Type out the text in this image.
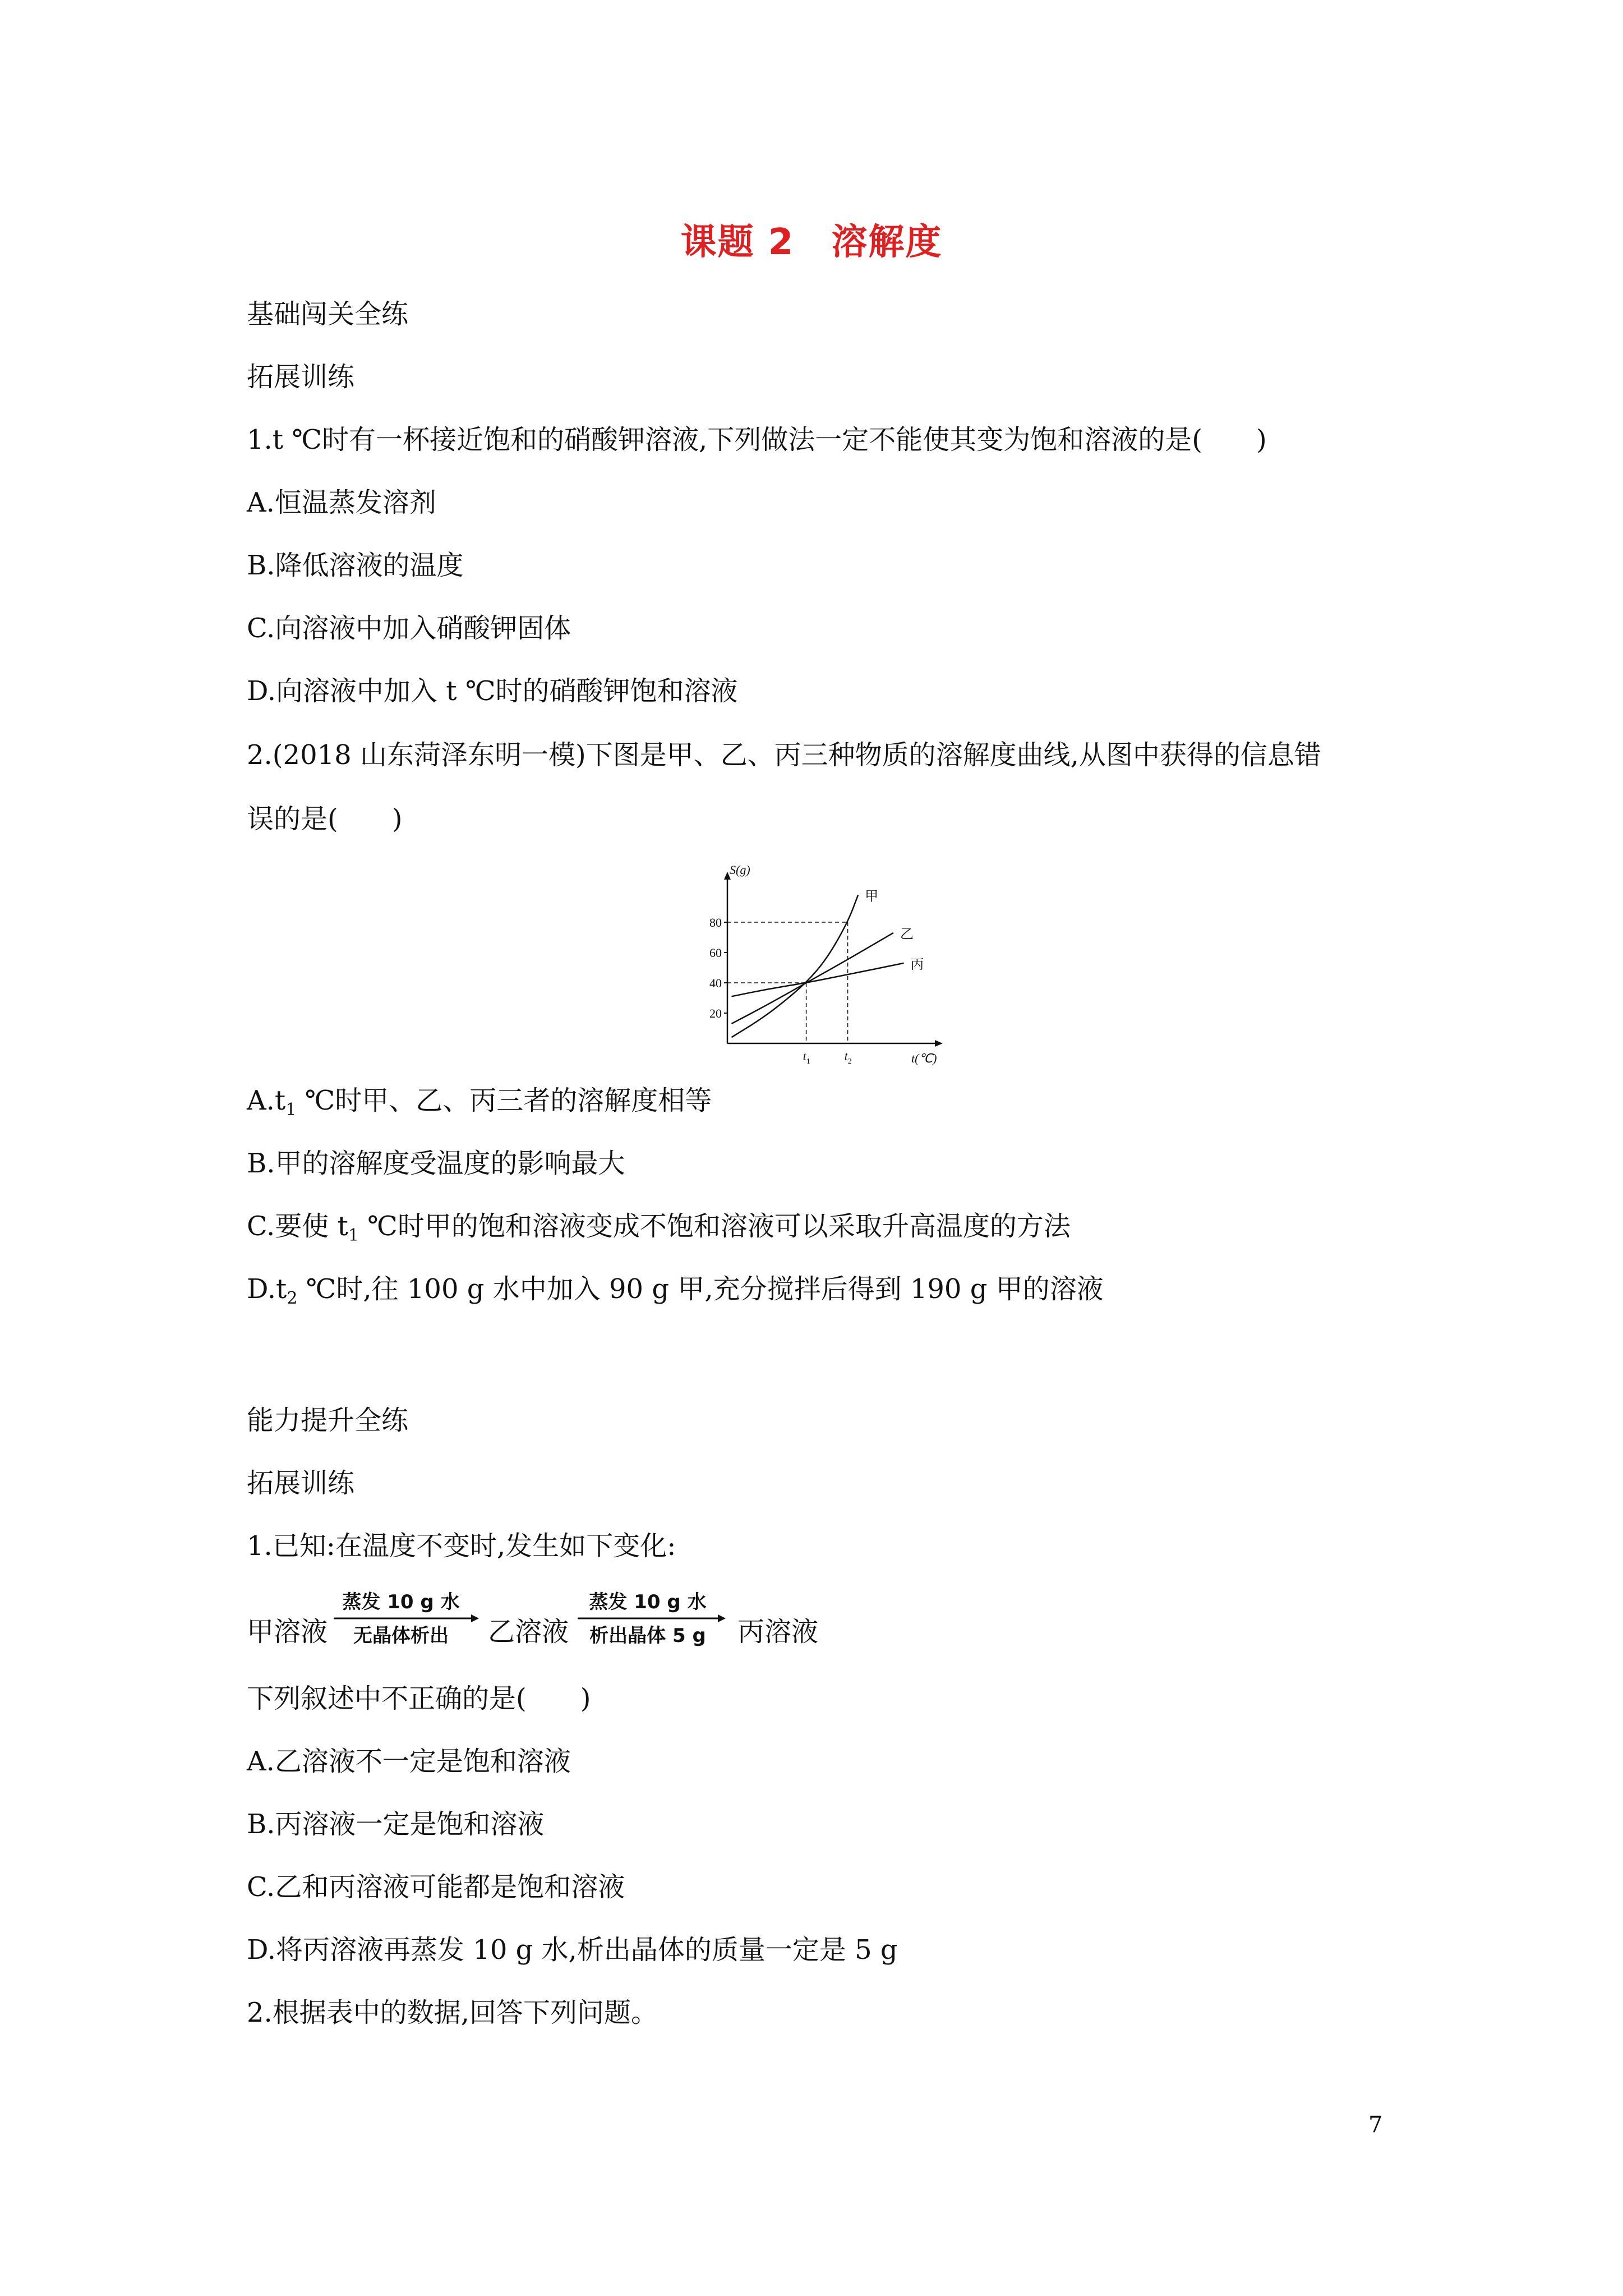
课题 2　溶解度
基础闯关全练
拓展训练
1.t ℃时有一杯接近饱和的硝酸钾溶液,下列做法一定不能使其变为饱和溶液的是(　　)
A.恒温蒸发溶剂
B.降低溶液的温度
C.向溶液中加入硝酸钾固体
D.向溶液中加入 t ℃时的硝酸钾饱和溶液
2.(2018 山东菏泽东明一模)下图是甲、乙、丙三种物质的溶解度曲线,从图中获得的信息错
误的是(　　)
S(g)
t(℃)
20
40
60
80
$t_1$	$t_2$
甲
乙
丙
$A.t_1$ ℃时甲、乙、丙三者的溶解度相等
B.甲的溶解度受温度的影响最大
C.要使 $t_1$ ℃时甲的饱和溶液变成不饱和溶液可以采取升高温度的方法
$D.t_2$ ℃时,往 100 g 水中加入 90 g 甲,充分搅拌后得到 190 g 甲的溶液
能力提升全练
拓展训练
1.已知:在温度不变时,发生如下变化:
甲溶液
蒸发 10 g 水
无晶体析出 乙溶液
蒸发 10 g 水
析出晶体 5 g 丙溶液
下列叙述中不正确的是(　　)
A.乙溶液不一定是饱和溶液
B.丙溶液一定是饱和溶液
C.乙和丙溶液可能都是饱和溶液
D.将丙溶液再蒸发 10 g 水,析出晶体的质量一定是 5 g
2.根据表中的数据,回答下列问题。
7
